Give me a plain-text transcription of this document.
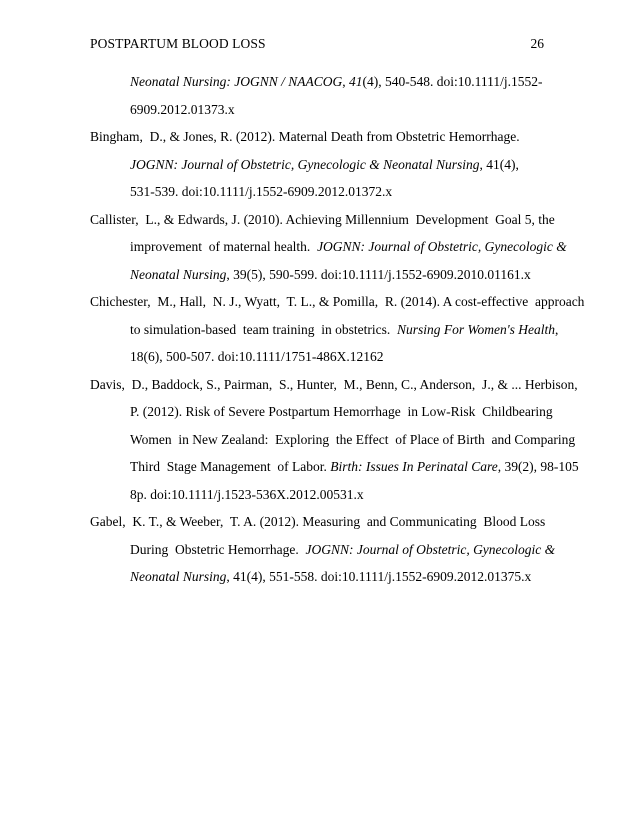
POSTPARTUM BLOOD LOSS	26
Neonatal Nursing: JOGNN / NAACOG, 41(4), 540-548. doi:10.1111/j.1552-
6909.2012.01373.x
Bingham,  D., & Jones, R. (2012). Maternal Death from Obstetric Hemorrhage.
JOGNN: Journal of Obstetric, Gynecologic & Neonatal Nursing, 41(4),
531-539. doi:10.1111/j.1552-6909.2012.01372.x
Callister,  L., & Edwards, J. (2010). Achieving Millennium  Development  Goal 5, the
improvement  of maternal health.  JOGNN: Journal of Obstetric, Gynecologic &
Neonatal Nursing, 39(5), 590-599. doi:10.1111/j.1552-6909.2010.01161.x
Chichester,  M., Hall,  N. J., Wyatt,  T. L., & Pomilla,  R. (2014). A cost-effective  approach
to simulation-based  team training  in obstetrics.  Nursing For Women's Health,
18(6), 500-507. doi:10.1111/1751-486X.12162
Davis,  D., Baddock, S., Pairman,  S., Hunter,  M., Benn, C., Anderson,  J., & ... Herbison,
P. (2012). Risk of Severe Postpartum Hemorrhage  in Low-Risk  Childbearing
Women  in New Zealand:  Exploring  the Effect  of Place of Birth  and Comparing
Third  Stage Management  of Labor. Birth: Issues In Perinatal Care, 39(2), 98-105
8p. doi:10.1111/j.1523-536X.2012.00531.x
Gabel,  K. T., & Weeber,  T. A. (2012). Measuring  and Communicating  Blood Loss
During  Obstetric Hemorrhage.  JOGNN: Journal of Obstetric, Gynecologic &
Neonatal Nursing, 41(4), 551-558. doi:10.1111/j.1552-6909.2012.01375.x
